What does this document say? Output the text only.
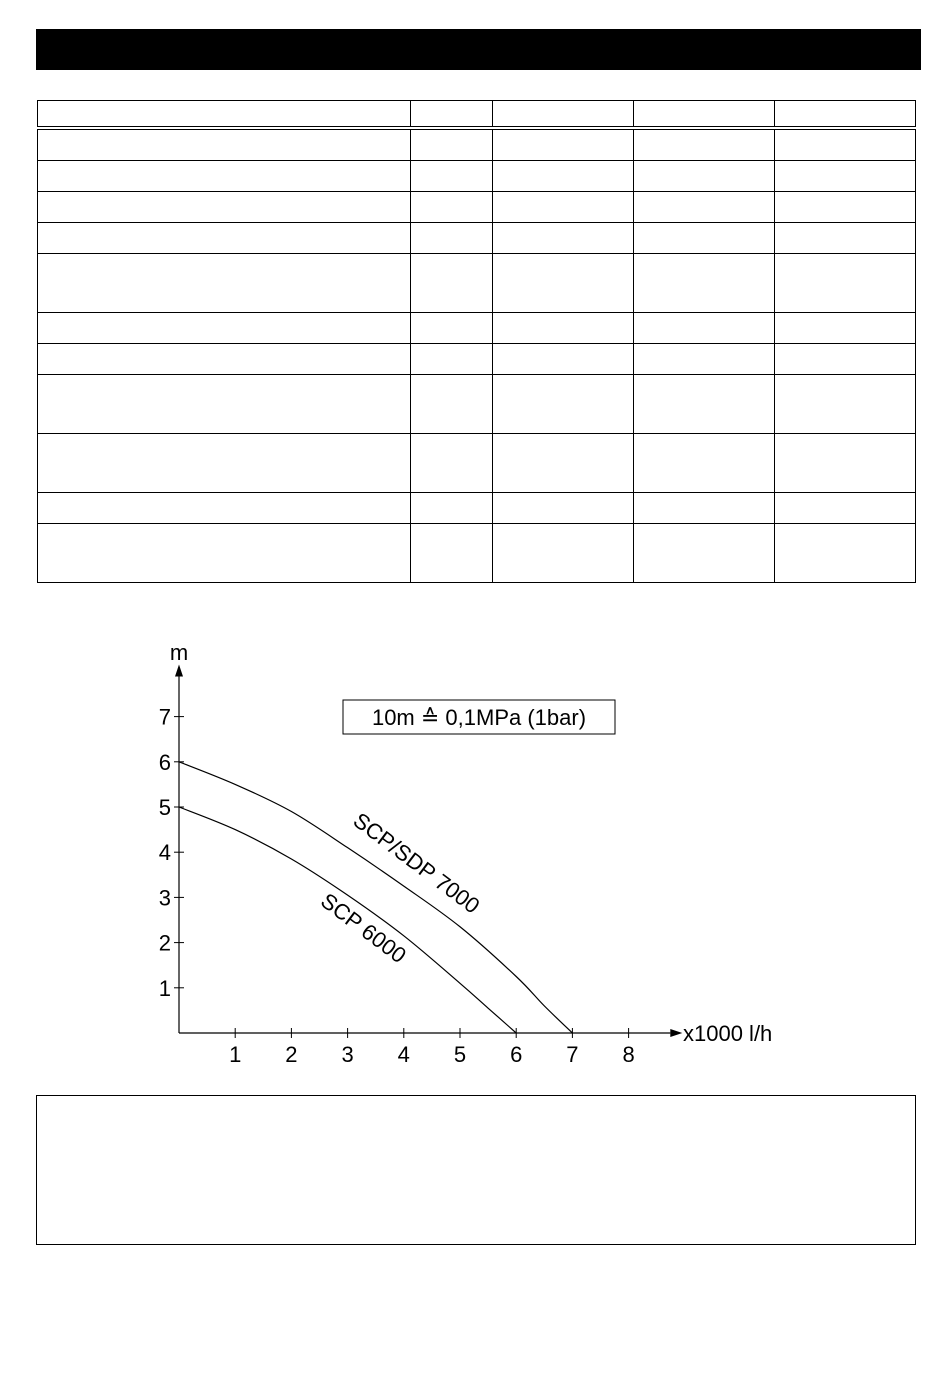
1 2 3 4 5 6 7 8
1
2
3
4
5
6
7
m
x1000 l/h
10m ≙ 0,1MPa (1bar)
SCP/SDP 7000
SCP 6000
